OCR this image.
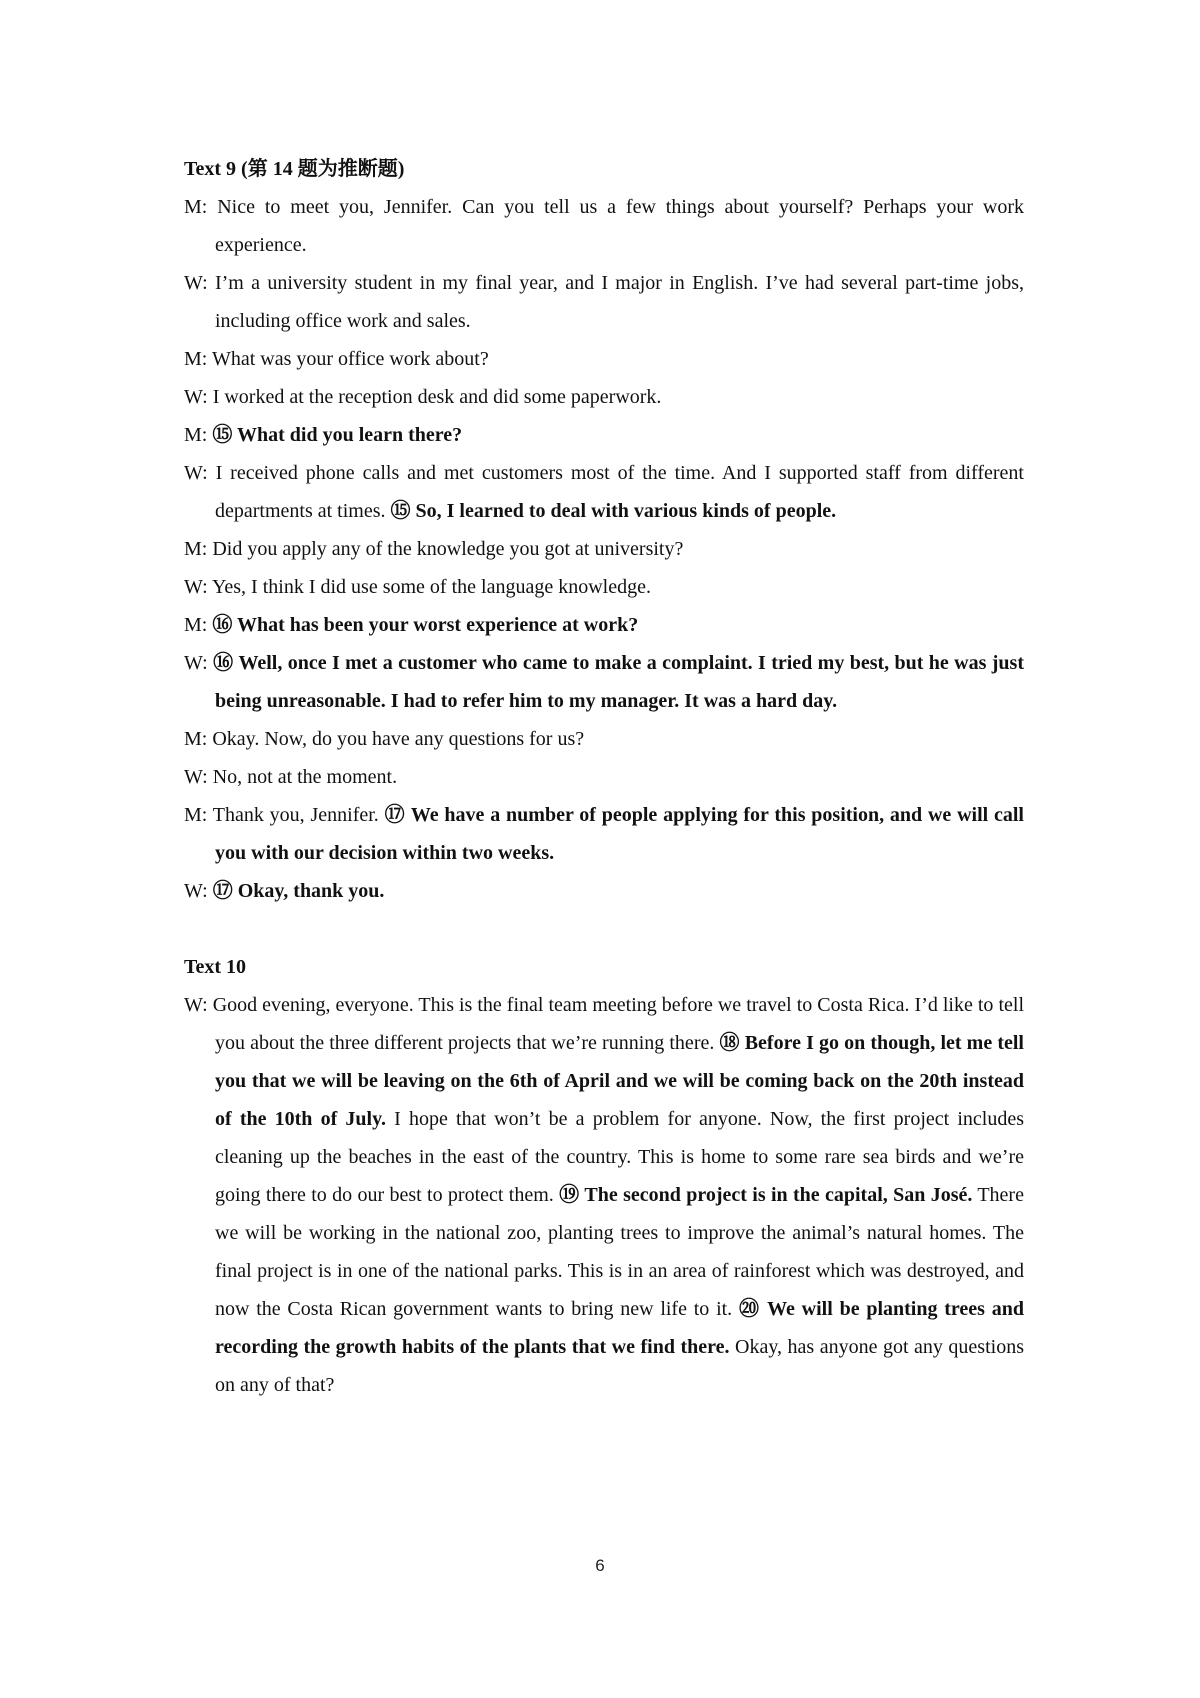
Text 9 (第 14 题为推断题)

M: Nice to meet you, Jennifer. Can you tell us a few things about yourself? Perhaps your work experience.

W: I’m a university student in my final year, and I major in English. I’ve had several part-time jobs, including office work and sales.

M: What was your office work about?

W: I worked at the reception desk and did some paperwork.

M: ⑮ What did you learn there?

W: I received phone calls and met customers most of the time. And I supported staff from different departments at times. ⑮ So, I learned to deal with various kinds of people.

M: Did you apply any of the knowledge you got at university?

W: Yes, I think I did use some of the language knowledge.

M: ⑯ What has been your worst experience at work?

W: ⑯ Well, once I met a customer who came to make a complaint. I tried my best, but he was just being unreasonable. I had to refer him to my manager. It was a hard day.

M: Okay. Now, do you have any questions for us?

W: No, not at the moment.

M: Thank you, Jennifer. ⑰ We have a number of people applying for this position, and we will call you with our decision within two weeks.

W: ⑰ Okay, thank you.

Text 10

W: Good evening, everyone. This is the final team meeting before we travel to Costa Rica. I’d like to tell you about the three different projects that we’re running there. ⑱ Before I go on though, let me tell you that we will be leaving on the 6th of April and we will be coming back on the 20th instead of the 10th of July. I hope that won’t be a problem for anyone. Now, the first project includes cleaning up the beaches in the east of the country. This is home to some rare sea birds and we’re going there to do our best to protect them. ⑲ The second project is in the capital, San José. There we will be working in the national zoo, planting trees to improve the animal’s natural homes. The final project is in one of the national parks. This is in an area of rainforest which was destroyed, and now the Costa Rican government wants to bring new life to it. ⑳ We will be planting trees and recording the growth habits of the plants that we find there. Okay, has anyone got any questions on any of that?

6
